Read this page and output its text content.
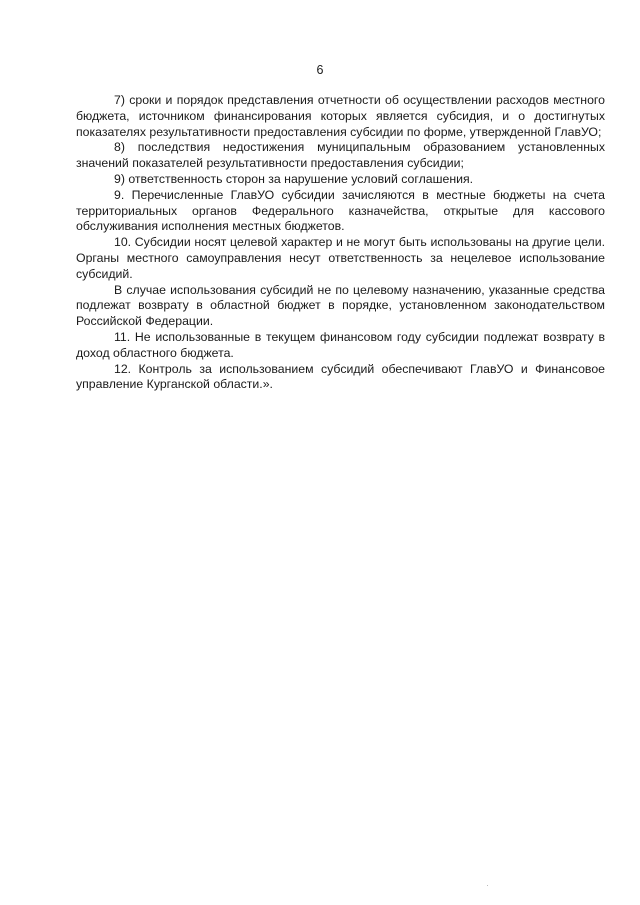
6

7) сроки и порядок представления отчетности об осуществлении расходов местного бюджета, источником финансирования которых является субсидия, и о достигнутых показателях результативности предоставления субсидии по форме, утвержденной ГлавУО;

8) последствия недостижения муниципальным образованием установленных значений показателей результативности предоставления субсидии;

9) ответственность сторон за нарушение условий соглашения.

9. Перечисленные ГлавУО субсидии зачисляются в местные бюджеты на счета территориальных органов Федерального казначейства, открытые для кассового обслуживания исполнения местных бюджетов.

10. Субсидии носят целевой характер и не могут быть использованы на другие цели. Органы местного самоуправления несут ответственность за нецелевое использование субсидий.

В случае использования субсидий не по целевому назначению, указанные средства подлежат возврату в областной бюджет в порядке, установленном законодательством Российской Федерации.

11. Не использованные в текущем финансовом году субсидии подлежат возврату в доход областного бюджета.

12. Контроль за использованием субсидий обеспечивают ГлавУО и Финансовое управление Курганской области.».
